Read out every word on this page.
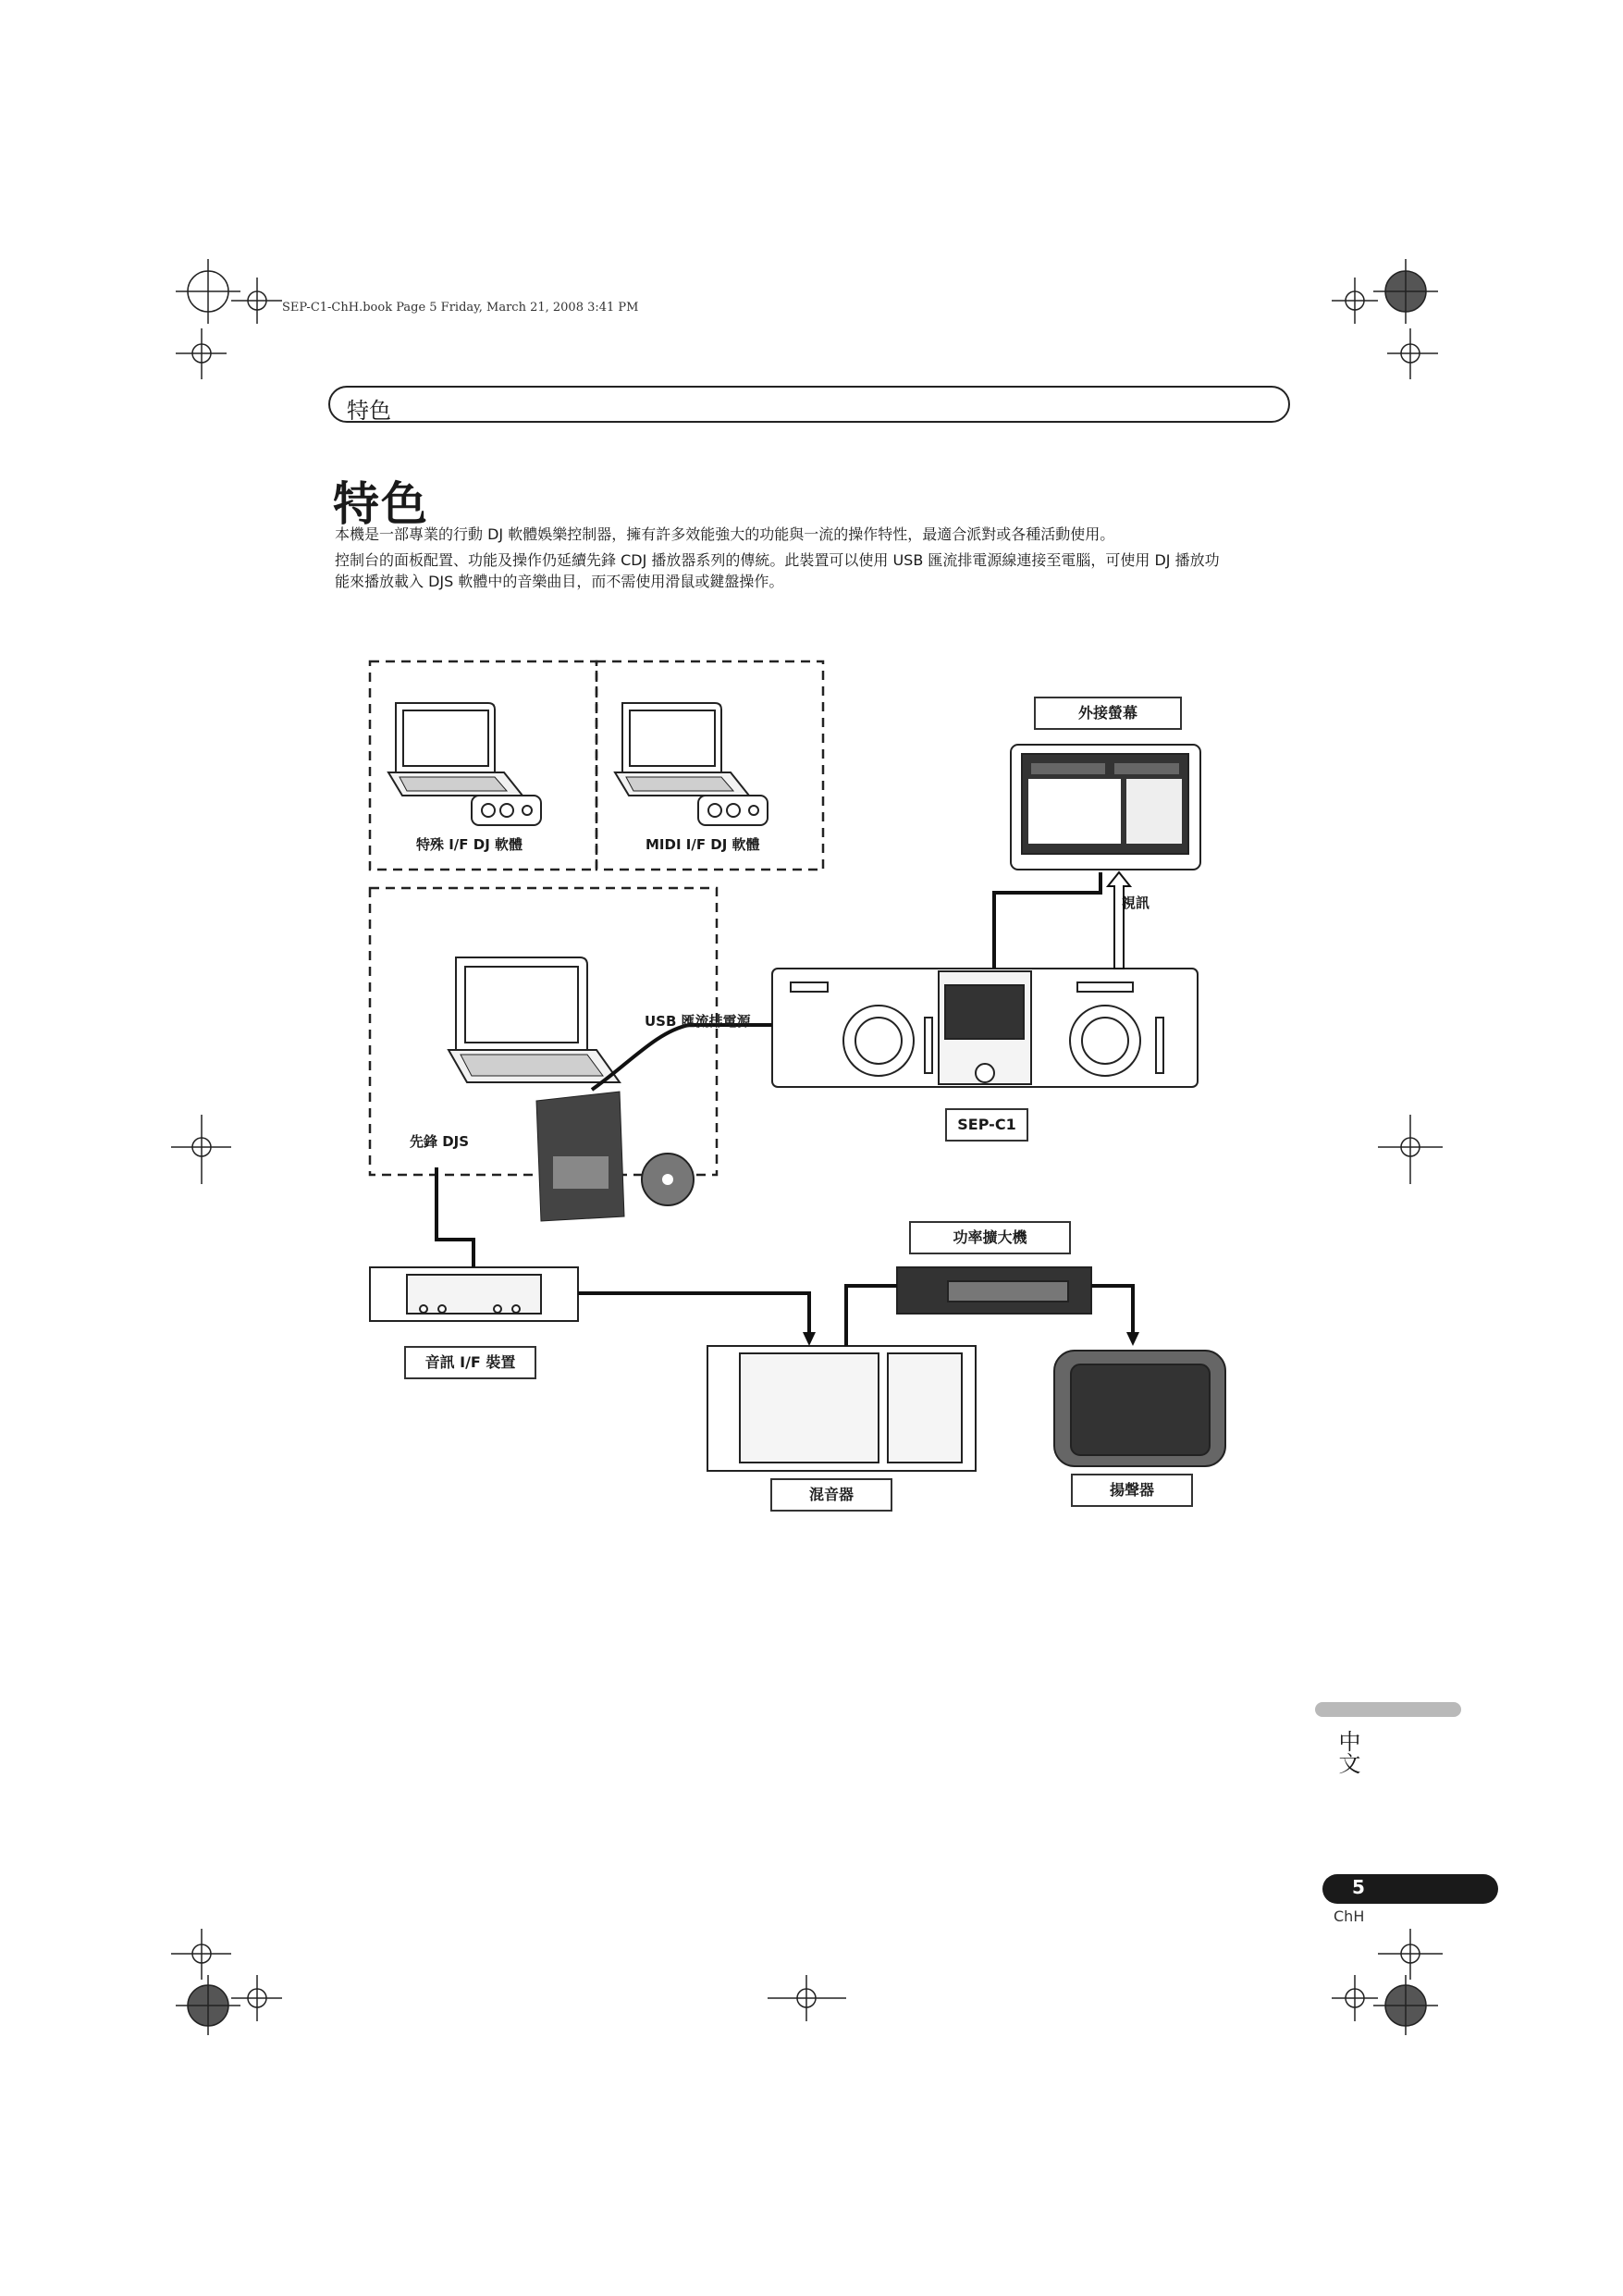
SEP-C1-ChH.book Page 5 Friday, March 21, 2008 3:41 PM
特色
特色
本機是一部專業的行動 DJ 軟體娛樂控制器，擁有許多效能強大的功能與一流的操作特性，最適合派對或各種活動使用。
控制台的面板配置、功能及操作仍延續先鋒 CDJ 播放器系列的傳統。此裝置可以使用 USB 匯流排電源線連接至電腦，可使用 DJ 播放功
能來播放載入 DJS 軟體中的音樂曲目，而不需使用滑鼠或鍵盤操作。
特殊 I/F DJ 軟體	MIDI I/F DJ 軟體
外接螢幕
視訊
USB 匯流排電源
先鋒 DJS
SEP-C1
功率擴大機
音訊 I/F 裝置
混音器	揚聲器
中文
5
ChH
